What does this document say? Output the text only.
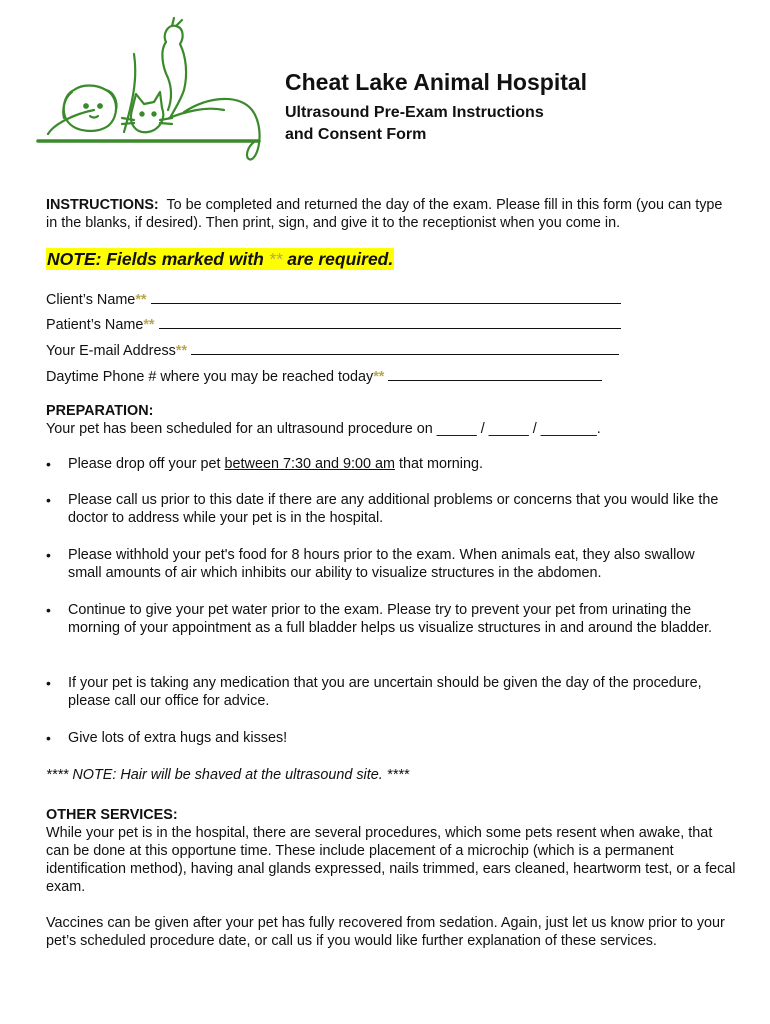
Cheat Lake Animal Hospital

Ultrasound Pre-Exam Instructions

and Consent Form

INSTRUCTIONS: To be completed and returned the day of the exam. Please fill in this form (you can type in the blanks, if desired). Then print, sign, and give it to the receptionist when you come in.
NOTE: Fields marked with ** are required.
Client’s Name**
Patient’s Name**
Your E-mail Address**
Daytime Phone # where you may be reached today**
PREPARATION:
Your pet has been scheduled for an ultrasound procedure on _____ / _____ / _______.
• Please drop off your pet between 7:30 and 9:00 am that morning.
• Please call us prior to this date if there are any additional problems or concerns that you would like the doctor to address while your pet is in the hospital.
• Please withhold your pet's food for 8 hours prior to the exam. When animals eat, they also swallow small amounts of air which inhibits our ability to visualize structures in the abdomen.
• Continue to give your pet water prior to the exam. Please try to prevent your pet from urinating the morning of your appointment as a full bladder helps us visualize structures in and around the bladder.
• If your pet is taking any medication that you are uncertain should be given the day of the procedure, please call our office for advice.
• Give lots of extra hugs and kisses!
**** NOTE: Hair will be shaved at the ultrasound site. ****
OTHER SERVICES:
While your pet is in the hospital, there are several procedures, which some pets resent when awake, that can be done at this opportune time. These include placement of a microchip (which is a permanent identification method), having anal glands expressed, nails trimmed, ears cleaned, heartworm test, or a fecal exam.
Vaccines can be given after your pet has fully recovered from sedation. Again, just let us know prior to your pet’s scheduled procedure date, or call us if you would like further explanation of these services.
